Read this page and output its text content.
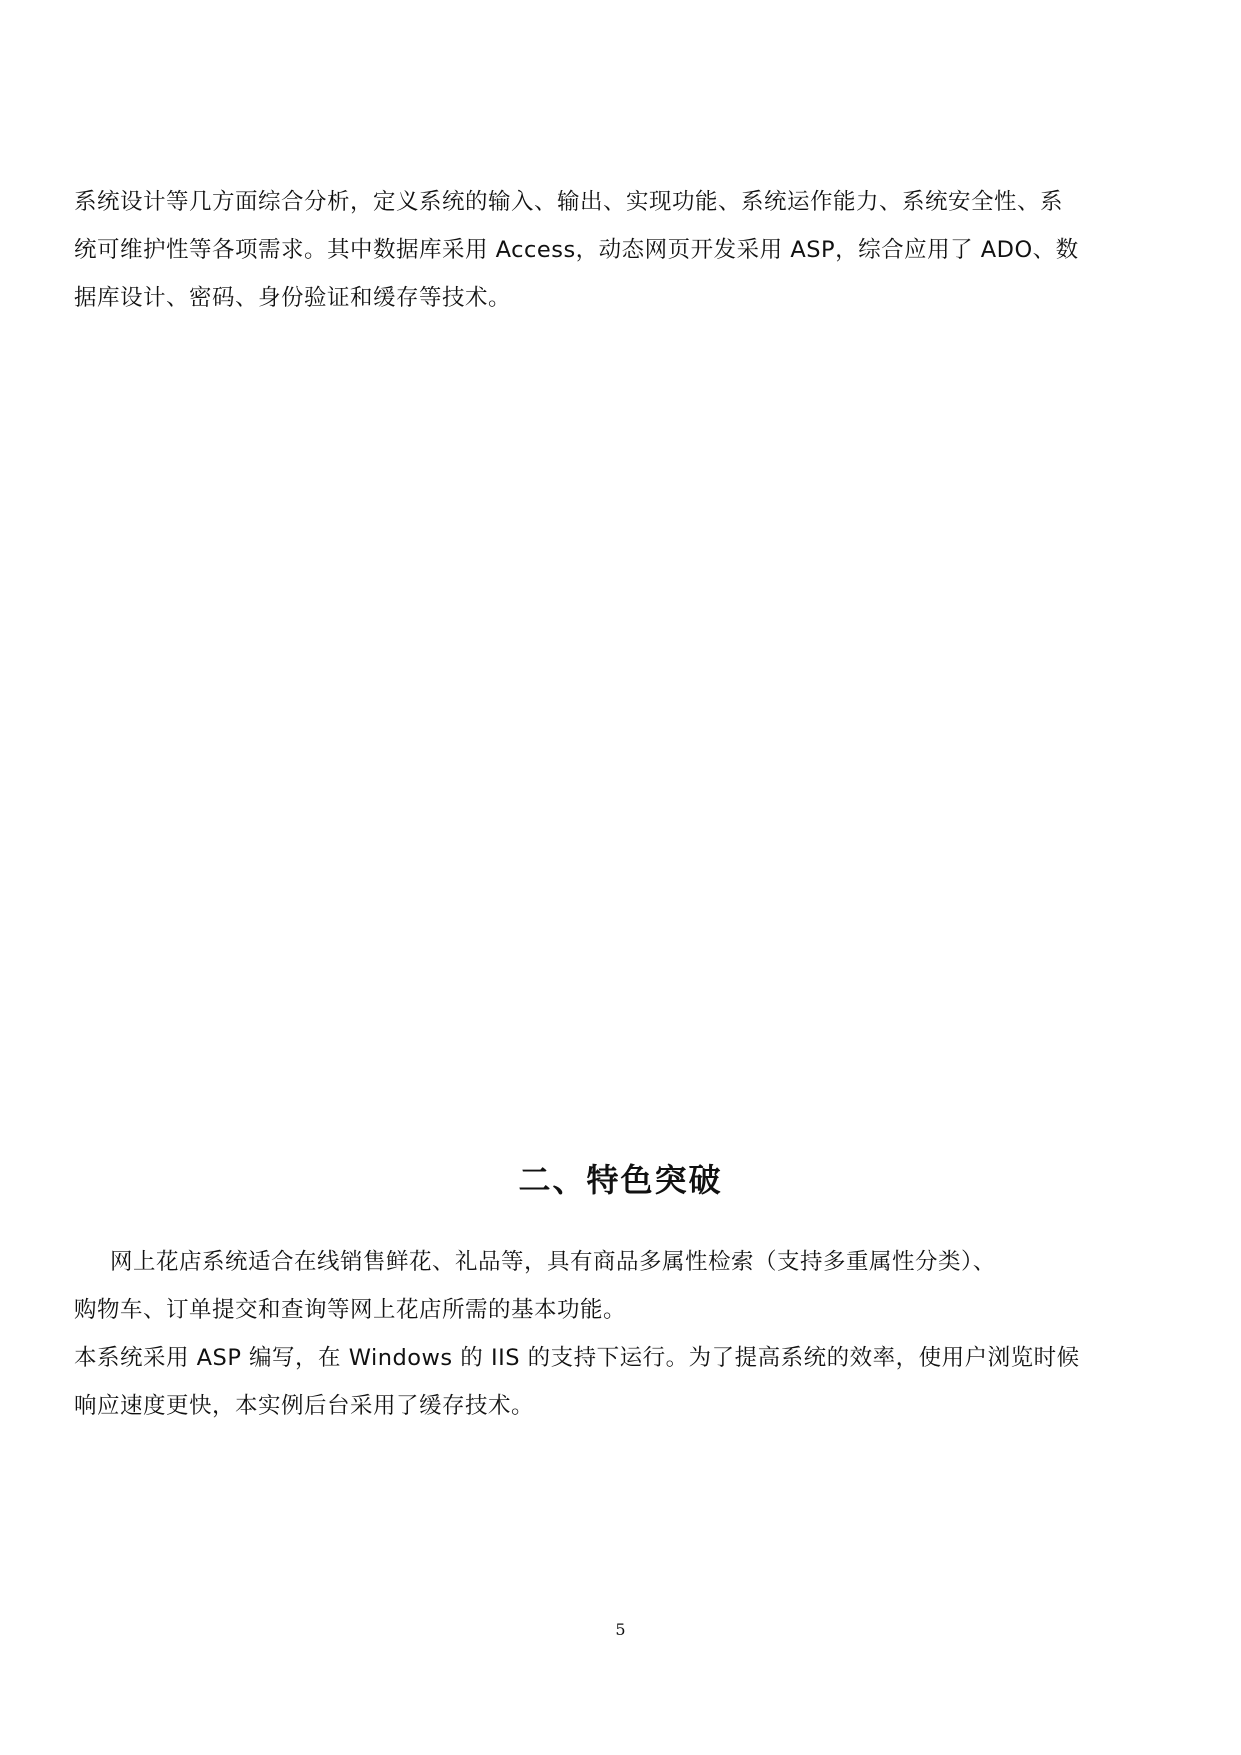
系统设计等几方面综合分析，定义系统的输入、输出、实现功能、系统运作能力、系统安全性、系
统可维护性等各项需求。其中数据库采用 Access，动态网页开发采用 ASP，综合应用了 ADO、数
据库设计、密码、身份验证和缓存等技术。

二、特色突破

网上花店系统适合在线销售鲜花、礼品等，具有商品多属性检索（支持多重属性分类）、
购物车、订单提交和查询等网上花店所需的基本功能。
本系统采用 ASP 编写，在 Windows 的 IIS 的支持下运行。为了提高系统的效率，使用户浏览时候
响应速度更快，本实例后台采用了缓存技术。

5
